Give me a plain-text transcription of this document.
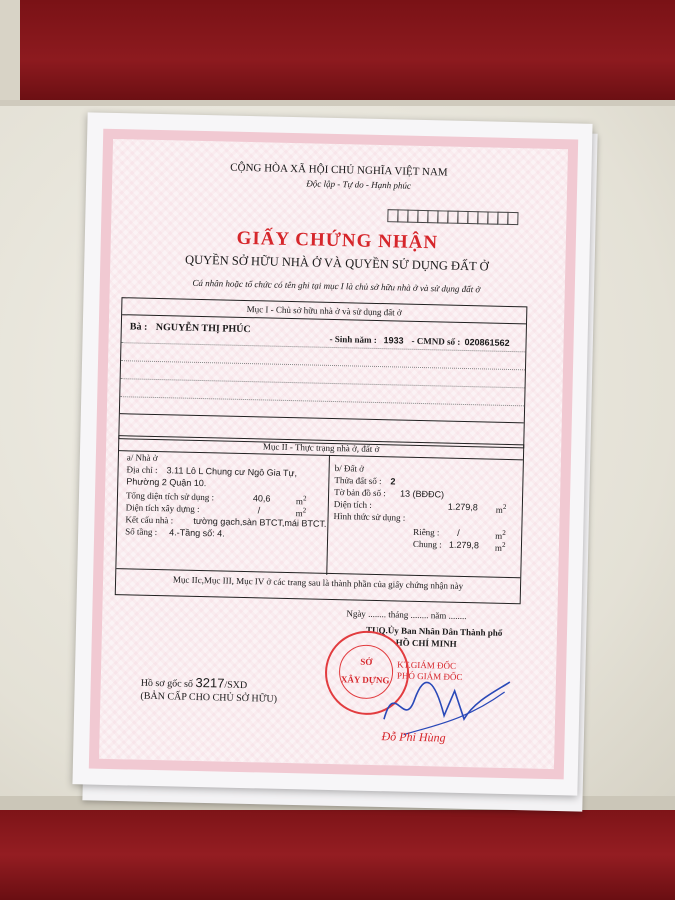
CỘNG HÒA XÃ HỘI CHỦ NGHĨA VIỆT NAM
Độc lập - Tự do - Hạnh phúc
GIẤY CHỨNG NHẬN
QUYỀN SỞ HỮU NHÀ Ở VÀ QUYỀN SỬ DỤNG ĐẤT Ở
Cá nhân hoặc tổ chức có tên ghi tại mục I là chủ sở hữu nhà ở và sử dụng đất ở
Mục I - Chủ sở hữu nhà ở và sử dụng đất ở
Bà : NGUYỄN THỊ PHÚC
- Sinh năm : 1933 - CMND số : 020861562
Mục II - Thực trạng nhà ở, đất ở
a/ Nhà ở
Địa chỉ : 3.11 Lô L Chung cư Ngô Gia Tự,
Phường 2 Quận 10.
Tổng diện tích sử dụng :	40,6	$m^2$
Diện tích xây dựng :	/	$m^2$
Kết cấu nhà : tường gạch,sàn BTCT,mái BTCT.
Số tầng : 4.-Tầng số: 4.
b/ Đất ở
Thửa đất số : 2
Tờ bản đồ số : 13 (BĐĐC)
Diện tích :	1.279,8 $m^2$
Hình thức sử dụng :
Riêng : /	$m^2$
Chung : 1.279,8 $m^2$
Mục IIc,Mục III, Mục IV ở các trang sau là thành phần của giấy chứng nhận này
Ngày ........ tháng ........ năm ........
TUQ.Ủy Ban Nhân Dân Thành phố
HỒ CHÍ MINH
KT.GIÁM ĐỐC
PHÓ GIÁM ĐỐC
SỞ
XÂY DỰNG
Đỗ Phi Hùng
Hồ sơ gốc số 3217/SXD
(BẢN CẤP CHO CHỦ SỞ HỮU)
